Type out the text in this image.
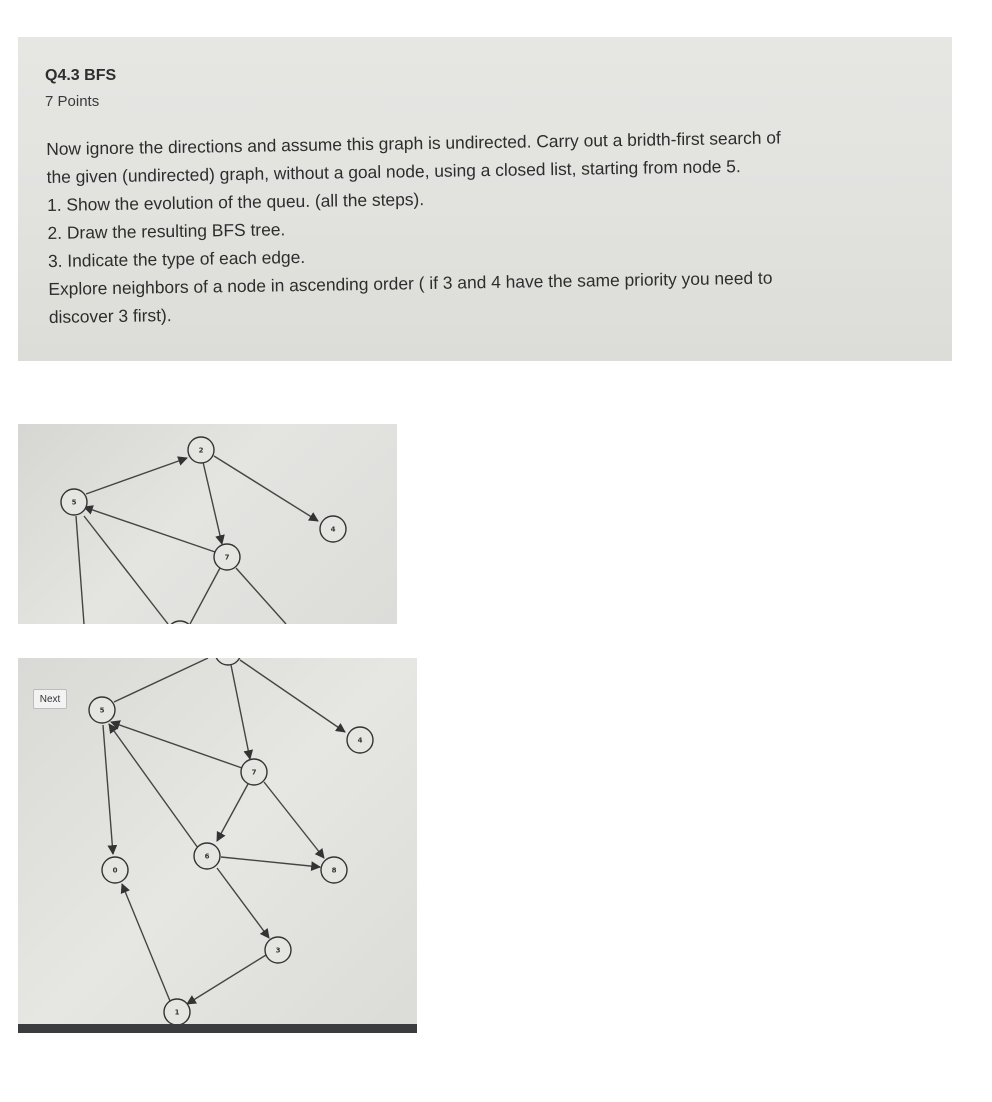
Q4.3 BFS
7 Points
Now ignore the directions and assume this graph is undirected. Carry out a bridth-first search of
the given (undirected) graph, without a goal node, using a closed list, starting from node 5.
1. Show the evolution of the queu. (all the steps).
2. Draw the resulting BFS tree.
3. Indicate the type of each edge.
Explore neighbors of a node in ascending order ( if 3 and 4 have the same priority you need to
discover 3 first).
5
2
7
4
5
4
7
6
8
0
3
1
Next
